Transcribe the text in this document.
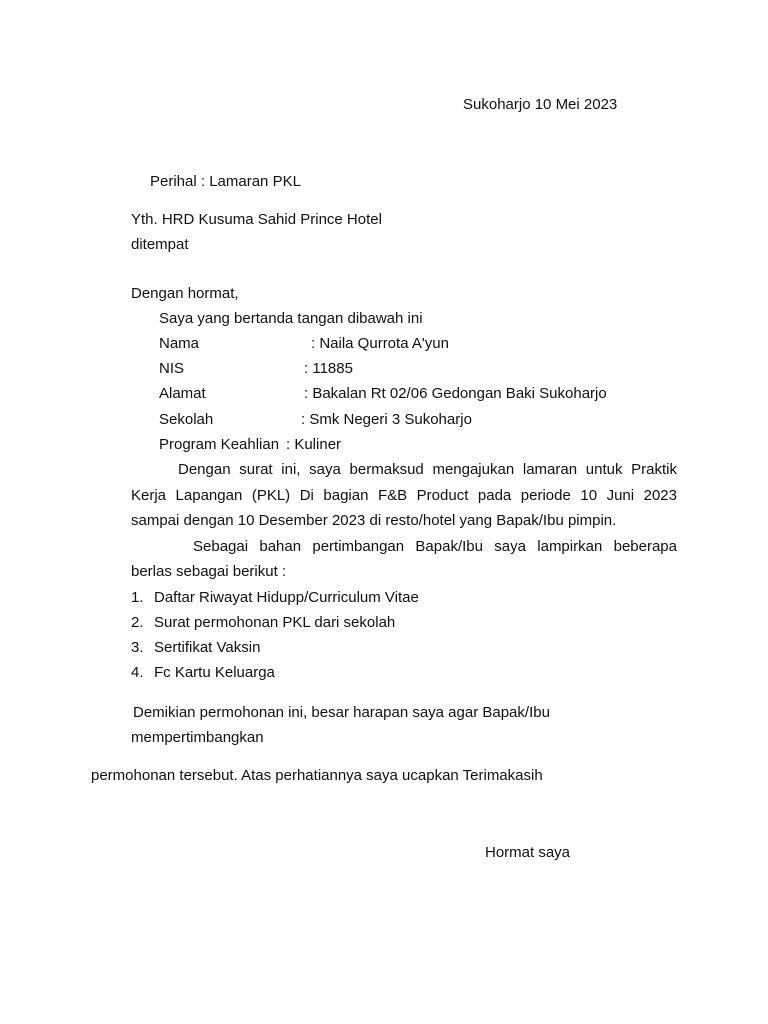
Sukoharjo 10 Mei 2023
Perihal : Lamaran PKL
Yth. HRD Kusuma Sahid Prince Hotel
ditempat
Dengan hormat,
Saya yang bertanda tangan dibawah ini
Nama	: Naila Qurrota A'yun
NIS	: 11885
Alamat	: Bakalan Rt 02/06 Gedongan Baki Sukoharjo
Sekolah	: Smk Negeri 3 Sukoharjo
Program Keahlian : Kuliner
Dengan surat ini, saya bermaksud mengajukan lamaran untuk Praktik
Kerja Lapangan (PKL) Di bagian F&B Product pada periode 10 Juni 2023
sampai dengan 10 Desember 2023 di resto/hotel yang Bapak/Ibu pimpin.
Sebagai bahan pertimbangan Bapak/Ibu saya lampirkan beberapa
berlas sebagai berikut :
1. Daftar Riwayat Hidupp/Curriculum Vitae
2. Surat permohonan PKL dari sekolah
3. Sertifikat Vaksin
4. Fc Kartu Keluarga
Demikian permohonan ini, besar harapan saya agar Bapak/Ibu
mempertimbangkan
permohonan tersebut. Atas perhatiannya saya ucapkan Terimakasih
Hormat saya
